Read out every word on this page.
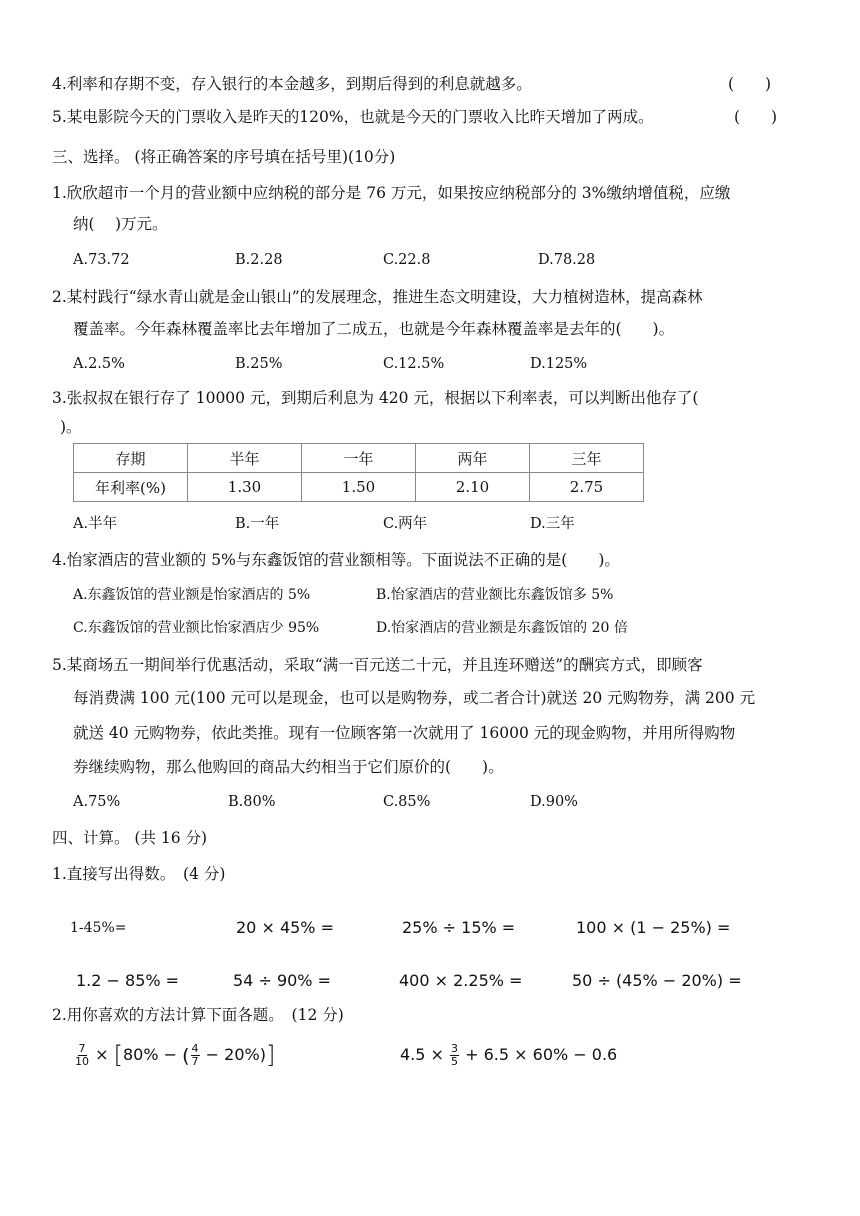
4.利率和存期不变，存入银行的本金越多，到期后得到的利息就越多。	(　　)
5.某电影院今天的门票收入是昨天的120%，也就是今天的门票收入比昨天增加了两成。	(　　)
三、选择。 (将正确答案的序号填在括号里)(10分)
1.欣欣超市一个月的营业额中应纳税的部分是 76 万元，如果按应纳税部分的 3%缴纳增值税，应缴
纳(　 )万元。
A.73.72	B.2.28	C.22.8	D.78.28
2.某村践行“绿水青山就是金山银山”的发展理念，推进生态文明建设，大力植树造林，提高森林
覆盖率。今年森林覆盖率比去年增加了二成五，也就是今年森林覆盖率是去年的(　　)。
A.2.5%	B.25%	C.12.5%	D.125%
3.张叔叔在银行存了 10000 元，到期后利息为 420 元，根据以下利率表，可以判断出他存了(
)。
存期	半年	一年	两年	三年
年利率(%)	1.30	1.50	2.10	2.75
A.半年	B.一年	C.两年	D.三年
4.怡家酒店的营业额的 5%与东鑫饭馆的营业额相等。下面说法不正确的是(　　)。
A.东鑫饭馆的营业额是怡家酒店的 5%	B.怡家酒店的营业额比东鑫饭馆多 5%
C.东鑫饭馆的营业额比怡家酒店少 95%	D.怡家酒店的营业额是东鑫饭馆的 20 倍
5.某商场五一期间举行优惠活动，采取“满一百元送二十元，并且连环赠送”的酬宾方式，即顾客
每消费满 100 元(100 元可以是现金，也可以是购物券，或二者合计)就送 20 元购物券，满 200 元
就送 40 元购物券，依此类推。现有一位顾客第一次就用了 16000 元的现金购物，并用所得购物
券继续购物，那么他购回的商品大约相当于它们原价的(　　)。
A.75%	B.80%	C.85%	D.90%
四、计算。 (共 16 分)
1.直接写出得数。　(4 分)
1-45%=	20 × 45% =	25% ÷ 15% =	100 × (1 − 25%) =
1.2 − 85% =	54 ÷ 90% =	400 × 2.25% =	50 ÷ (45% − 20%) =
2.用你喜欢的方法计算下面各题。　(12 分)
$\frac{7}{10} \times [80\%$ − ( $\frac{4}{7} - 20\%$)]	$4.5 \times \frac{3}{5} + 6.5 \times 60\% - 0.6$
